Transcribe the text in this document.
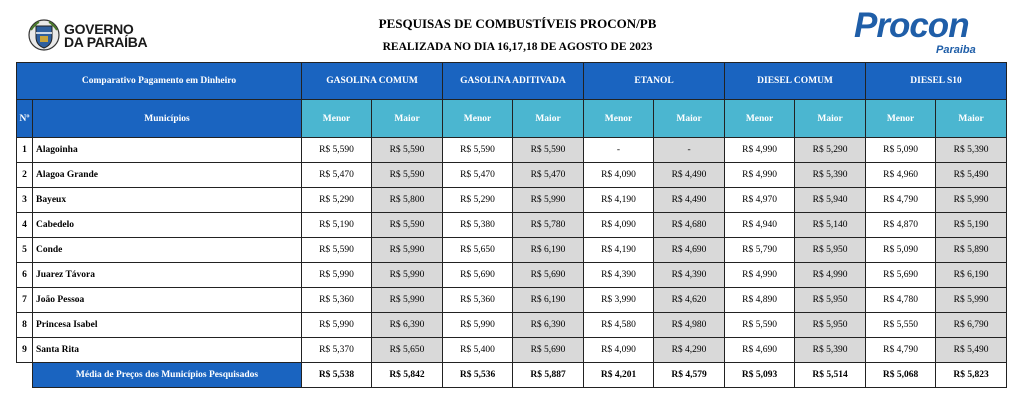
GOVERNO
DA PARAÍBA
PESQUISAS DE COMBUSTÍVEIS PROCON/PB
REALIZADA NO DIA 16,17,18 DE AGOSTO DE 2023
Procon
Paraiba
Comparativo Pagamento em Dinheiro		GASOLINA COMUM		GASOLINA ADITIVADA		ETANOL		DIESEL COMUM		DIESEL S10	
Nº	Municípios	Menor	Maior	Menor	Maior	Menor	Maior	Menor	Maior	Menor	Maior
1	Alagoinha	R$ 5,590	R$ 5,590	R$ 5,590	R$ 5,590	-	-	R$ 4,990	R$ 5,290	R$ 5,090	R$ 5,390
2	Alagoa Grande	R$ 5,470	R$ 5,590	R$ 5,470	R$ 5,470	R$ 4,090	R$ 4,490	R$ 4,990	R$ 5,390	R$ 4,960	R$ 5,490
3	Bayeux	R$ 5,290	R$ 5,800	R$ 5,290	R$ 5,990	R$ 4,190	R$ 4,490	R$ 4,970	R$ 5,940	R$ 4,790	R$ 5,990
4	Cabedelo	R$ 5,190	R$ 5,590	R$ 5,380	R$ 5,780	R$ 4,090	R$ 4,680	R$ 4,940	R$ 5,140	R$ 4,870	R$ 5,190
5	Conde	R$ 5,590	R$ 5,990	R$ 5,650	R$ 6,190	R$ 4,190	R$ 4,690	R$ 5,790	R$ 5,950	R$ 5,090	R$ 5,890
6	Juarez Távora	R$ 5,990	R$ 5,990	R$ 5,690	R$ 5,690	R$ 4,390	R$ 4,390	R$ 4,990	R$ 4,990	R$ 5,690	R$ 6,190
7	João Pessoa	R$ 5,360	R$ 5,990	R$ 5,360	R$ 6,190	R$ 3,990	R$ 4,620	R$ 4,890	R$ 5,950	R$ 4,780	R$ 5,990
8	Princesa Isabel	R$ 5,990	R$ 6,390	R$ 5,990	R$ 6,390	R$ 4,580	R$ 4,980	R$ 5,590	R$ 5,950	R$ 5,550	R$ 6,790
9	Santa Rita	R$ 5,370	R$ 5,650	R$ 5,400	R$ 5,690	R$ 4,090	R$ 4,290	R$ 4,690	R$ 5,390	R$ 4,790	R$ 5,490
	Média de Preços dos Municípios Pesquisados	R$ 5,538	R$ 5,842	R$ 5,536	R$ 5,887	R$ 4,201	R$ 4,579	R$ 5,093	R$ 5,514	R$ 5,068	R$ 5,823
